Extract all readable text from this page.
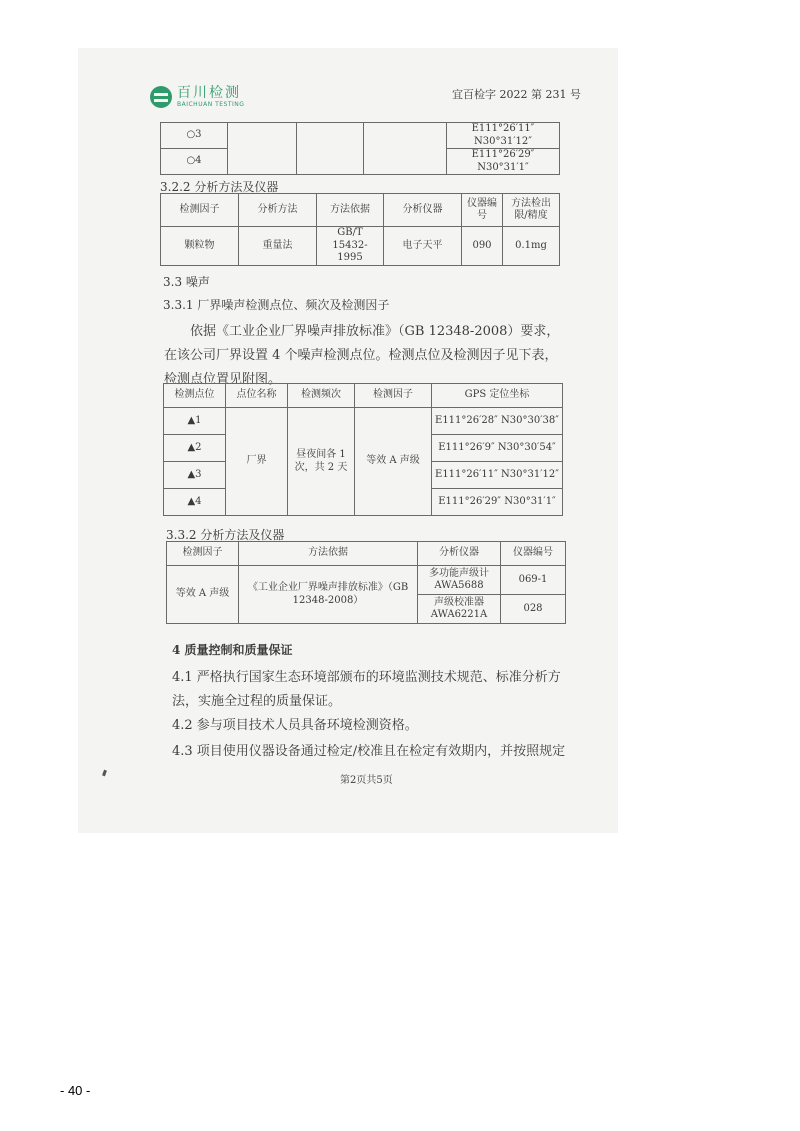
百川检测
BAICHUAN TESTING
宜百检字 2022 第 231 号
○3				E111°26′11″ N30°31′12″
○4				E111°26′29″ N30°31′1″
3.2.2 分析方法及仪器
检测因子	分析方法	方法依据	分析仪器	仪器编号	方法检出限/精度
颗粒物	重量法	GB/T 15432-1995	电子天平	090	0.1mg
3.3 噪声
3.3.1 厂界噪声检测点位、频次及检测因子
依据《工业企业厂界噪声排放标准》（GB 12348-2008）要求，
在该公司厂界设置 4 个噪声检测点位。检测点位及检测因子见下表，
检测点位置见附图。
检测点位	点位名称	检测频次	检测因子	GPS 定位坐标
▲1	厂界	昼夜间各 1 次，共 2 天	等效 A 声级	E111°26′28″ N30°30′38″
▲2				E111°26′9″ N30°30′54″
▲3				E111°26′11″ N30°31′12″
▲4				E111°26′29″ N30°31′1″
3.3.2 分析方法及仪器
检测因子	方法依据	分析仪器	仪器编号
等效 A 声级	《工业企业厂界噪声排放标准》（GB 12348-2008）	多功能声级计 AWA5688	069-1
		声级校准器 AWA6221A	028
4 质量控制和质量保证
4.1 严格执行国家生态环境部颁布的环境监测技术规范、标准分析方
法，实施全过程的质量保证。
4.2 参与项目技术人员具备环境检测资格。
4.3 项目使用仪器设备通过检定/校准且在检定有效期内，并按照规定
第2页共5页
- 40 -
